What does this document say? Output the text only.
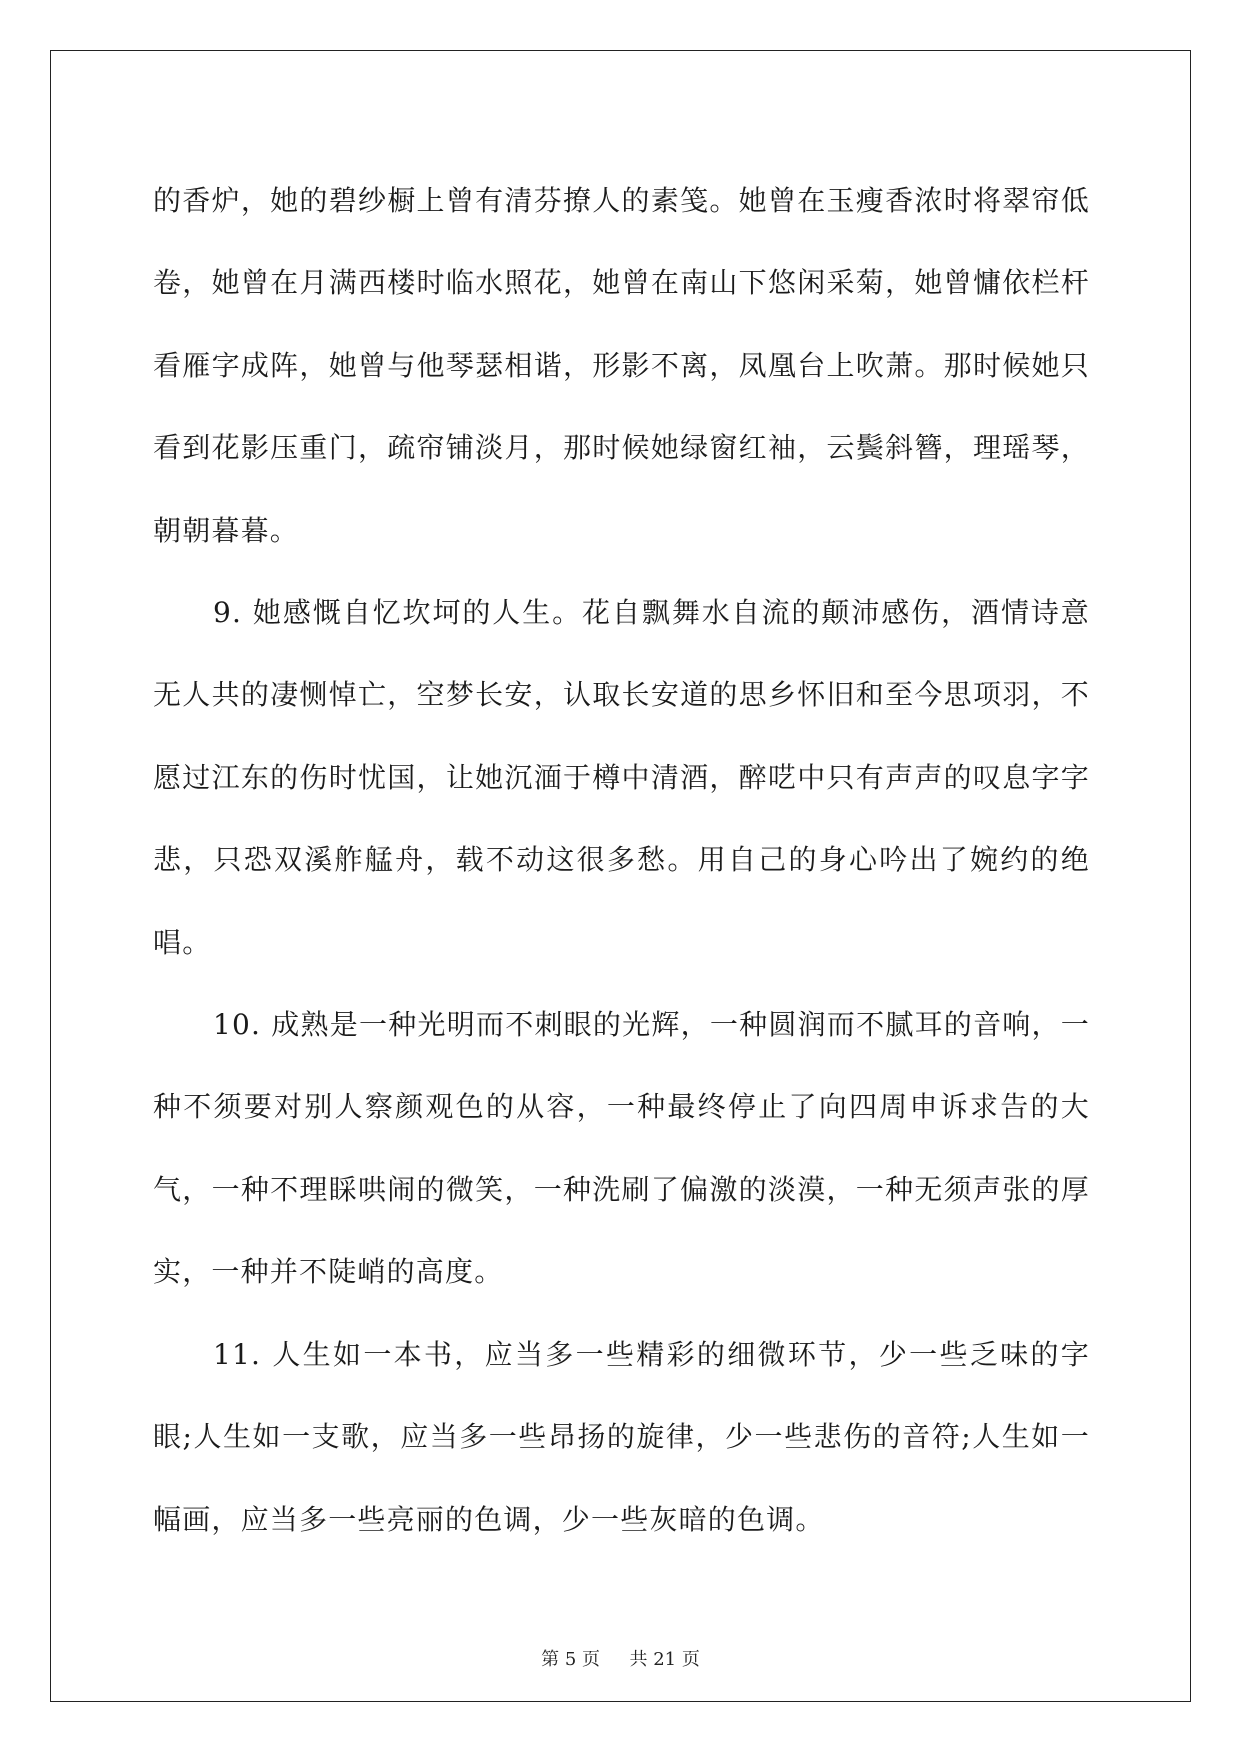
的香炉，她的碧纱橱上曾有清芬撩人的素笺。她曾在玉瘦香浓时将翠帘低卷，她曾在月满西楼时临水照花，她曾在南山下悠闲采菊，她曾慵依栏杆看雁字成阵，她曾与他琴瑟相谐，形影不离，凤凰台上吹萧。那时候她只看到花影压重门，疏帘铺淡月，那时候她绿窗红袖，云鬓斜簪，理瑶琴，朝朝暮暮。

9. 她感慨自忆坎坷的人生。花自飘舞水自流的颠沛感伤，酒情诗意无人共的凄恻悼亡，空梦长安，认取长安道的思乡怀旧和至今思项羽，不愿过江东的伤时忧国，让她沉湎于樽中清酒，醉呓中只有声声的叹息字字悲，只恐双溪舴艋舟，载不动这很多愁。用自己的身心吟出了婉约的绝唱。

10. 成熟是一种光明而不刺眼的光辉，一种圆润而不腻耳的音响，一种不须要对别人察颜观色的从容，一种最终停止了向四周申诉求告的大气，一种不理睬哄闹的微笑，一种洗刷了偏激的淡漠，一种无须声张的厚实，一种并不陡峭的高度。

11. 人生如一本书，应当多一些精彩的细微环节，少一些乏味的字眼;人生如一支歌，应当多一些昂扬的旋律，少一些悲伤的音符;人生如一幅画，应当多一些亮丽的色调，少一些灰暗的色调。

第 5 页 共 21 页
